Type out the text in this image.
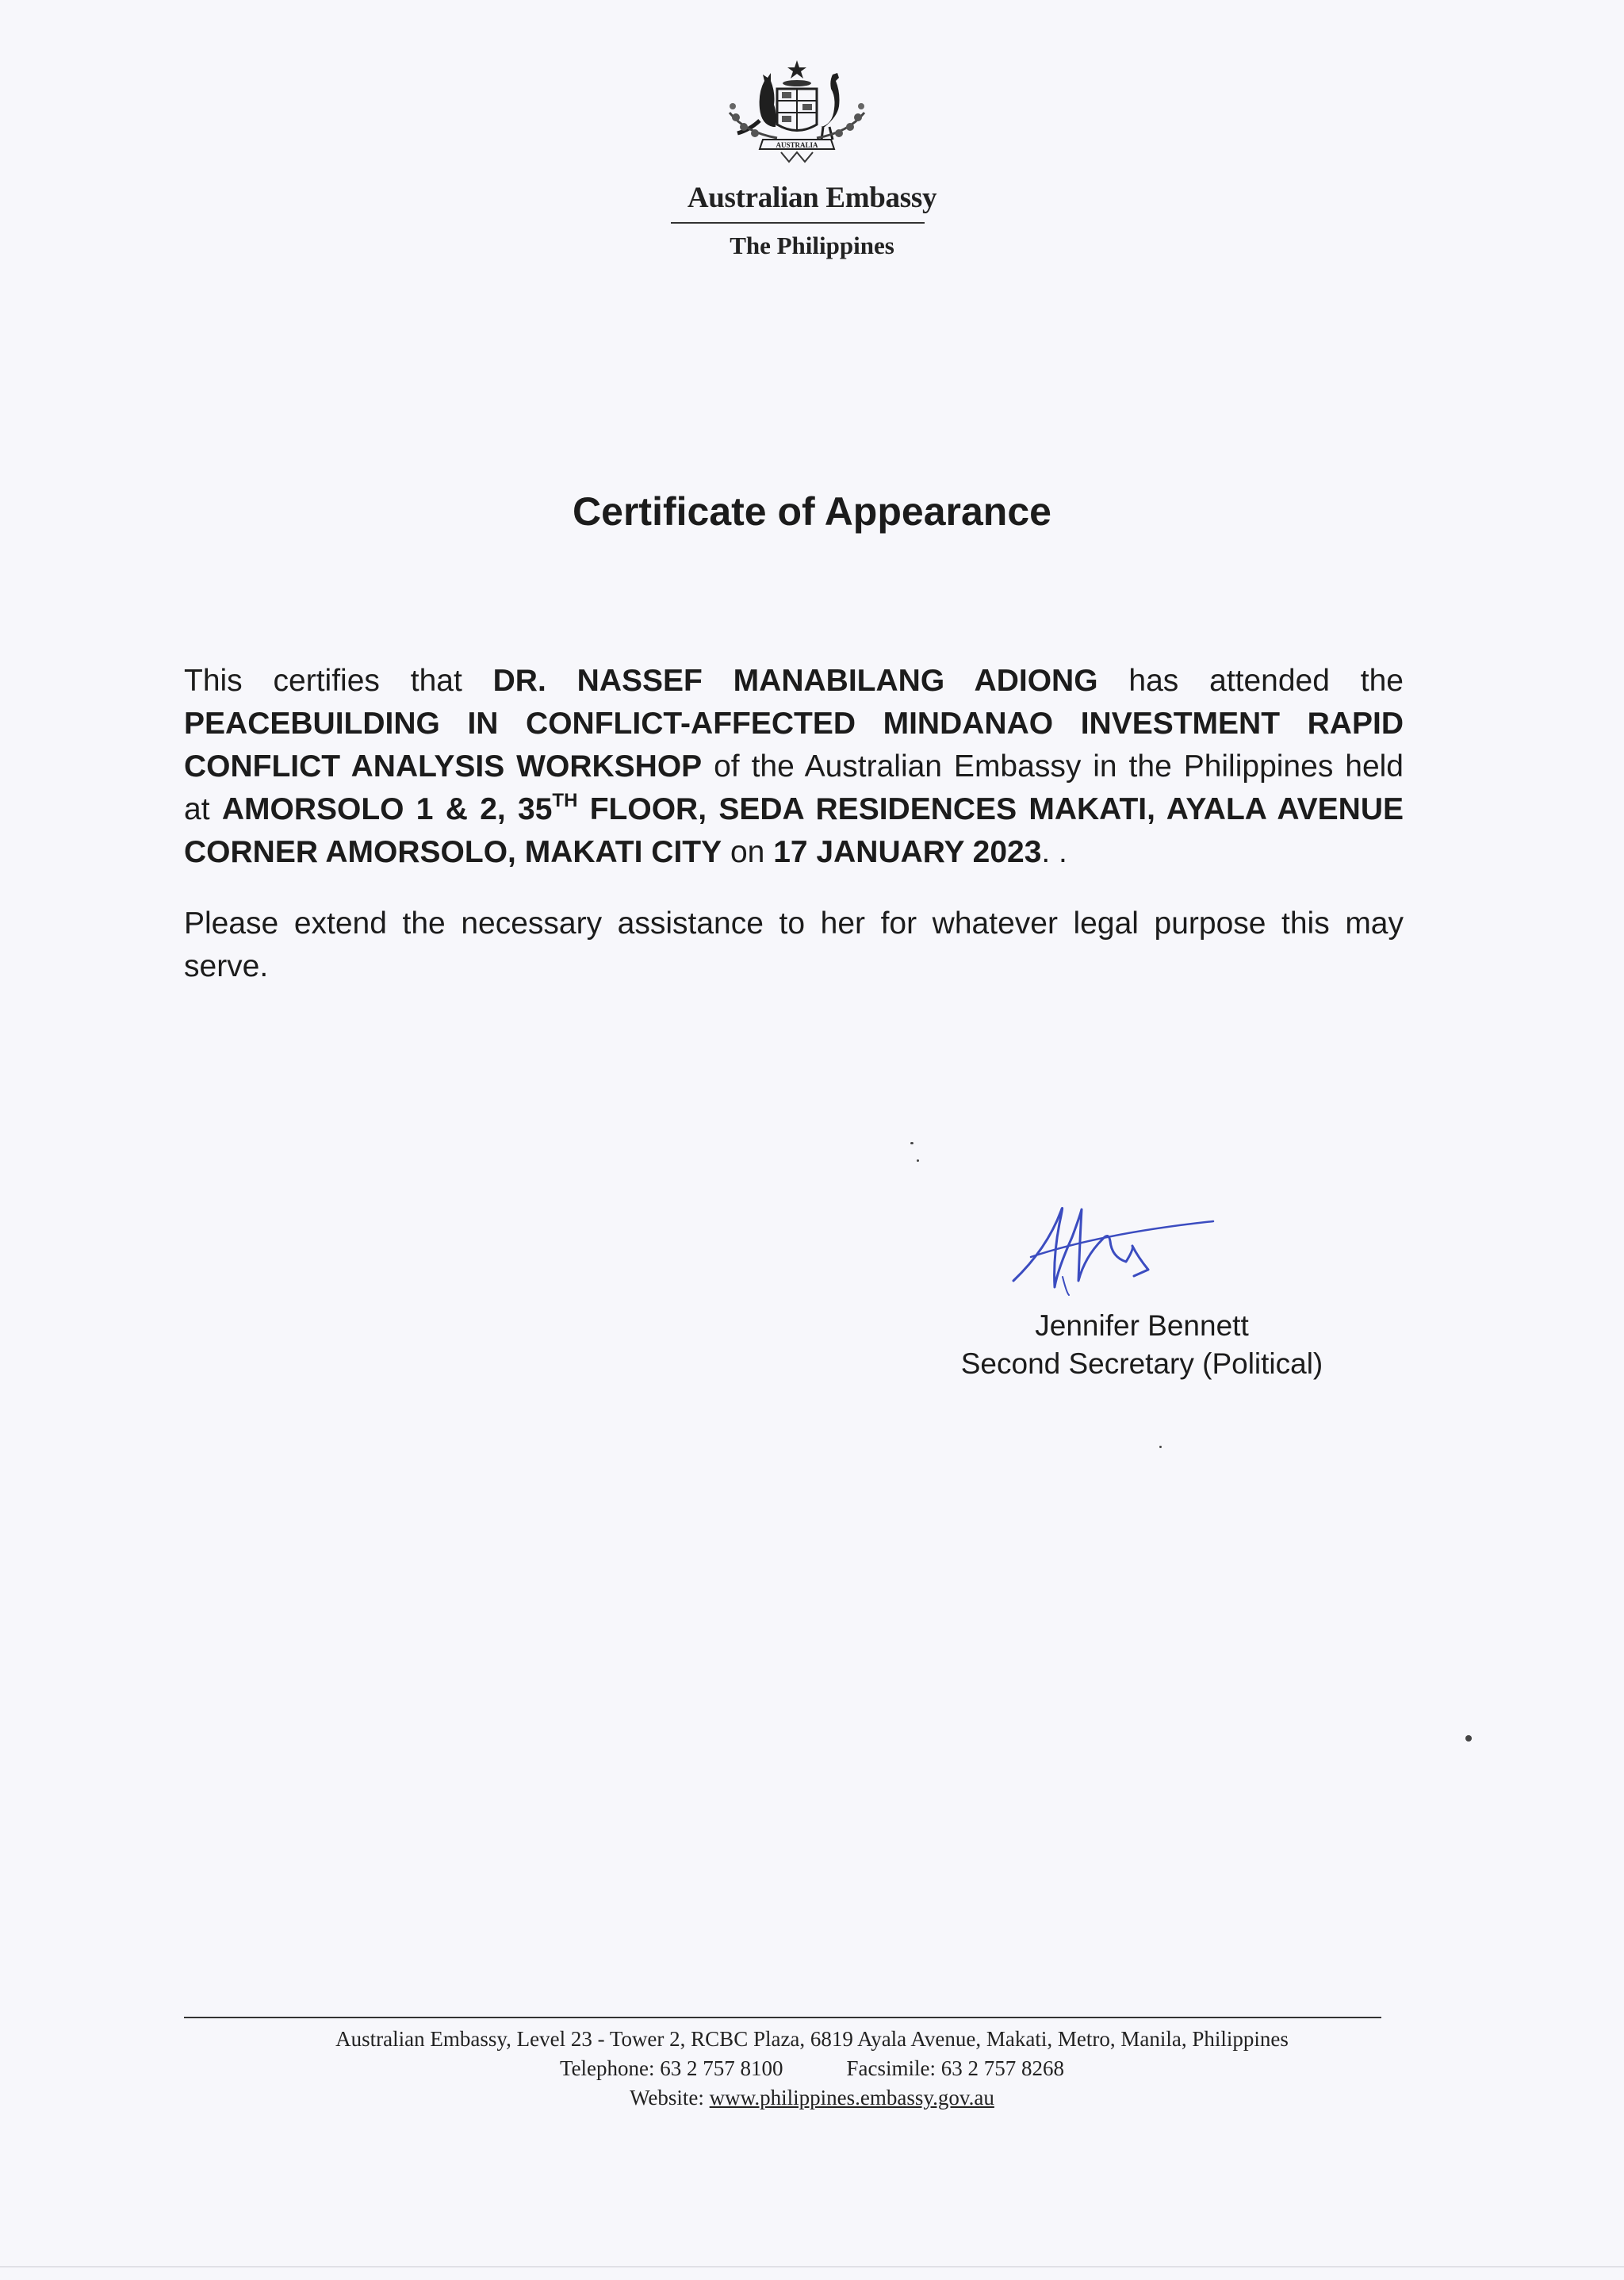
AUSTRALIA
Australian Embassy
The Philippines
Certificate of Appearance
This certifies that DR. NASSEF MANABILANG ADIONG has attended the PEACEBUILDING IN CONFLICT-AFFECTED MINDANAO INVESTMENT RAPID CONFLICT ANALYSIS WORKSHOP of the Australian Embassy in the Philippines held at AMORSOLO 1 & 2, 35TH FLOOR, SEDA RESIDENCES MAKATI, AYALA AVENUE CORNER AMORSOLO, MAKATI CITY on 17 JANUARY 2023. .
Please extend the necessary assistance to her for whatever legal purpose this may serve.
Jennifer Bennett
Second Secretary (Political)
Australian Embassy, Level 23 - Tower 2, RCBC Plaza, 6819 Ayala Avenue, Makati, Metro, Manila, Philippines
Telephone: 63 2 757 8100	Facsimile: 63 2 757 8268
Website: www.philippines.embassy.gov.au
